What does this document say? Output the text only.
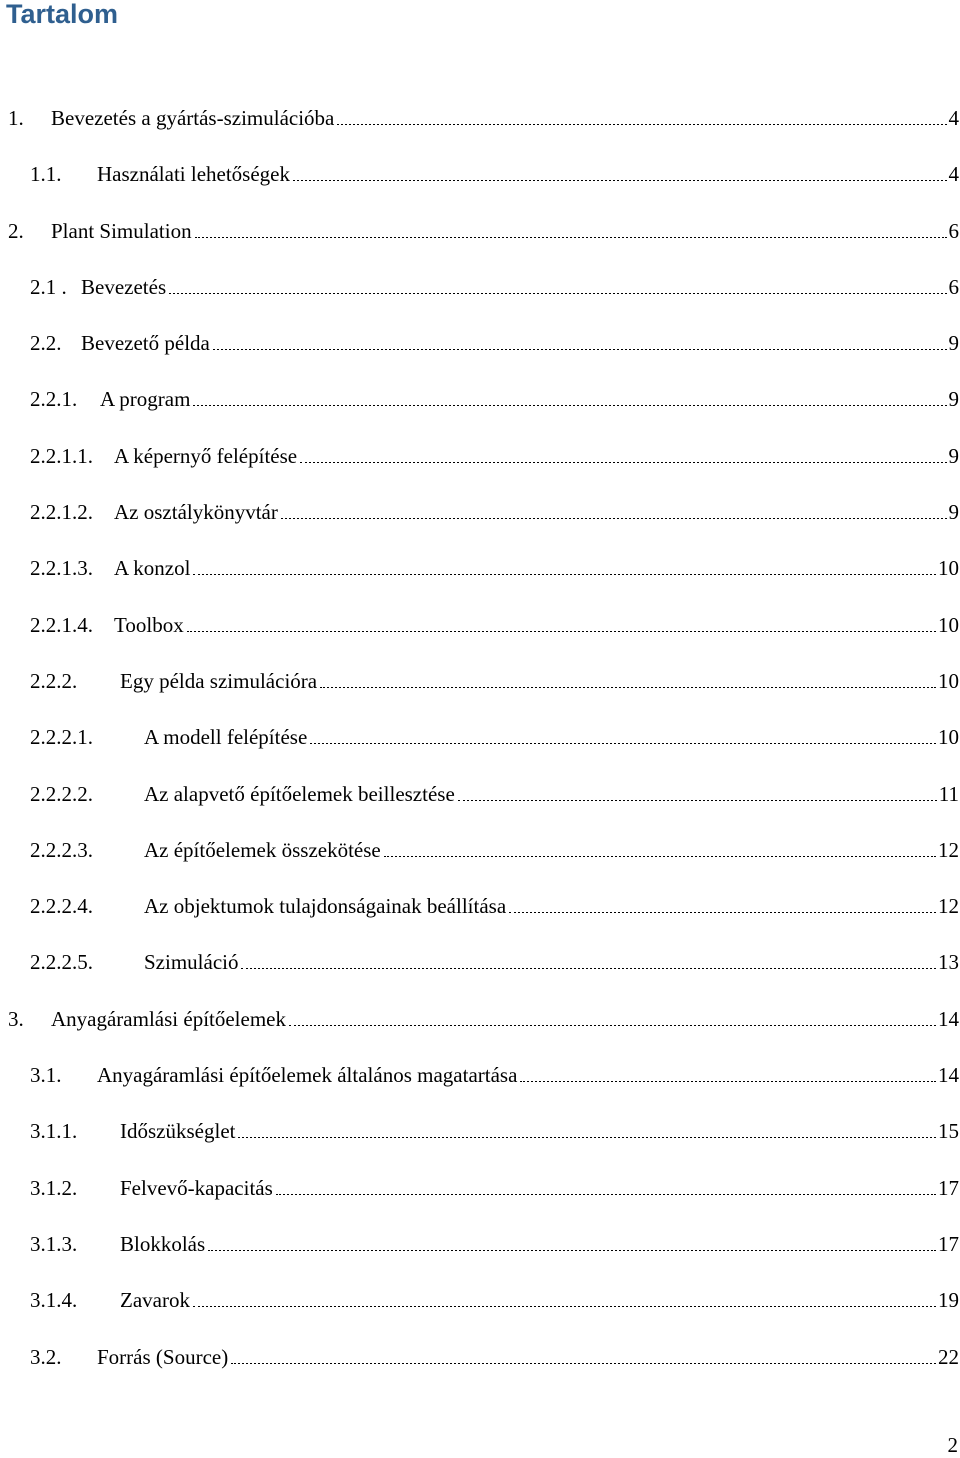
Tartalom
1.	Bevezetés a gyártás-szimulációba	4
1.1.	Használati lehetőségek	4
2.	Plant Simulation	6
2.1 . Bevezetés	6
2.2. Bevezető példa	9
2.2.1.	A program	9
2.2.1.1.	A képernyő felépítése	9
2.2.1.2.	Az osztálykönyvtár	9
2.2.1.3.	A konzol	10
2.2.1.4.	Toolbox	10
2.2.2.	Egy példa szimulációra	10
2.2.2.1.	A modell felépítése	10
2.2.2.2.	Az alapvető építőelemek beillesztése	11
2.2.2.3.	Az építőelemek összekötése	12
2.2.2.4.	Az objektumok tulajdonságainak beállítása	12
2.2.2.5.	Szimuláció	13
3.	Anyagáramlási építőelemek	14
3.1.	Anyagáramlási építőelemek általános magatartása	14
3.1.1.	Időszükséglet	15
3.1.2.	Felvevő-kapacitás	17
3.1.3.	Blokkolás	17
3.1.4.	Zavarok	19
3.2.	Forrás (Source)	22
2
